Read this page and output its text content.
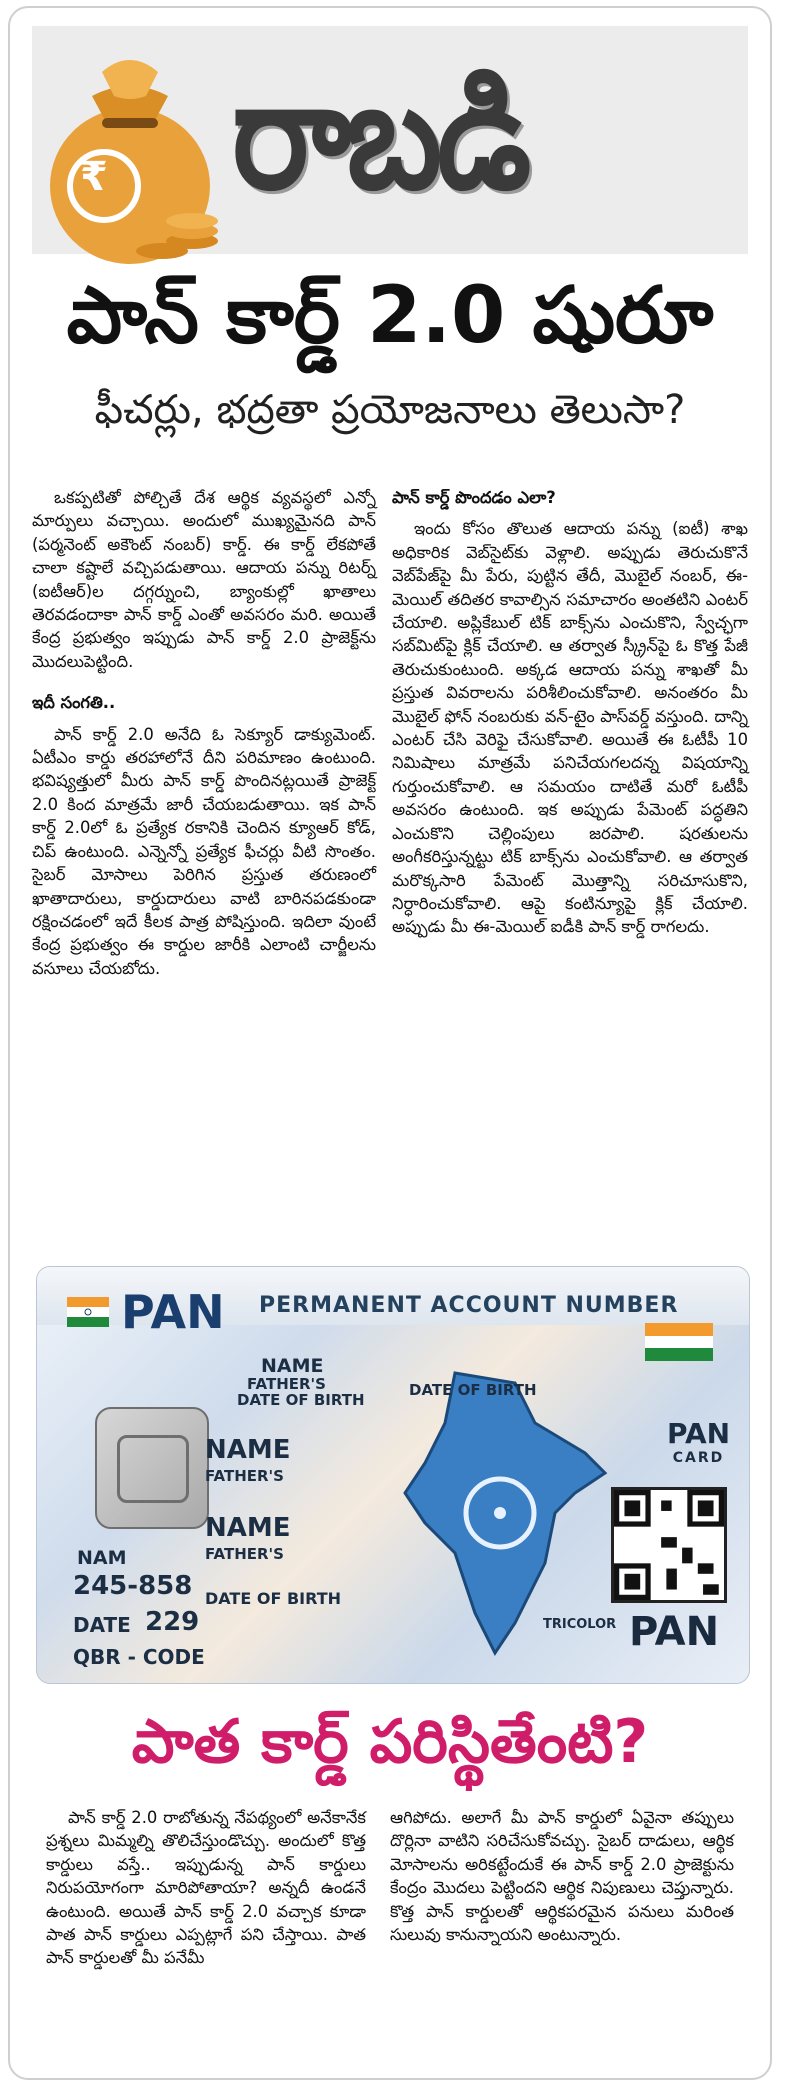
₹ రాబడి
పాన్ కార్డ్ 2.0 షురూ
ఫీచర్లు, భద్రతా ప్రయోజనాలు తెలుసా?

ఒకప్పటితో పోల్చితే దేశ ఆర్థిక వ్యవస్థలో ఎన్నో మార్పులు వచ్చాయి. అందులో ముఖ్యమైనది పాన్ (పర్మనెంట్ అకౌంట్ నంబర్) కార్డ్. ఈ కార్డ్ లేకపోతే చాలా కష్టాలే వచ్చిపడుతాయి. ఆదాయ పన్ను రిటర్న్ (ఐటీఆర్)ల దగ్గర్నుంచి, బ్యాంకుల్లో ఖాతాలు తెరవడందాకా పాన్ కార్డ్ ఎంతో అవసరం మరి. అయితే కేంద్ర ప్రభుత్వం ఇప్పుడు పాన్ కార్డ్ 2.0 ప్రాజెక్ట్‌ను మొదలుపెట్టింది.

ఇదీ సంగతి..

పాన్ కార్డ్ 2.0 అనేది ఓ సెక్యూర్ డాక్యుమెంట్. ఏటీఎం కార్డు తరహాలోనే దీని పరిమాణం ఉంటుంది. భవిష్యత్తులో మీరు పాన్ కార్డ్ పొందినట్లయితే ప్రాజెక్ట్ 2.0 కింద మాత్రమే జారీ చేయబడుతాయి. ఇక పాన్ కార్డ్ 2.0లో ఓ ప్రత్యేక రకానికి చెందిన క్యూఆర్ కోడ్, చిప్ ఉంటుంది. ఎన్నెన్నో ప్రత్యేక ఫీచర్లు వీటి సొంతం. సైబర్ మోసాలు పెరిగిన ప్రస్తుత తరుణంలో ఖాతాదారులు, కార్డుదారులు వాటి బారినపడకుండా రక్షించడంలో ఇదే కీలక పాత్ర పోషిస్తుంది. ఇదిలా వుంటే కేంద్ర ప్రభుత్వం ఈ కార్డుల జారీకి ఎలాంటి చార్జీలను వసూలు చేయబోదు.

పాన్ కార్డ్ పొందడం ఎలా?

ఇందు కోసం తొలుత ఆదాయ పన్ను (ఐటీ) శాఖ అధికారిక వెబ్‌సైట్‌కు వెళ్లాలి. అప్పుడు తెరుచుకొనే వెబ్‌పేజ్‌పై మీ పేరు, పుట్టిన తేదీ, మొబైల్ నంబర్, ఈ-మెయిల్ తదితర కావాల్సిన సమాచారం అంతటిని ఎంటర్ చేయాలి. అప్లికేబుల్ టిక్ బాక్స్‌ను ఎంచుకొని, స్వేచ్ఛగా సబ్‌మిట్‌పై క్లిక్ చేయాలి. ఆ తర్వాత స్క్రీన్‌పై ఓ కొత్త పేజీ తెరుచుకుంటుంది. అక్కడ ఆదాయ పన్ను శాఖతో మీ ప్రస్తుత వివరాలను పరిశీలించుకోవాలి. అనంతరం మీ మొబైల్ ఫోన్ నంబరుకు వన్-టైం పాస్‌వర్డ్ వస్తుంది. దాన్ని ఎంటర్ చేసి వెరిఫై చేసుకోవాలి. అయితే ఈ ఓటీపీ 10 నిమిషాలు మాత్రమే పనిచేయగలదన్న విషయాన్ని గుర్తుంచుకోవాలి. ఆ సమయం దాటితే మరో ఓటీపీ అవసరం ఉంటుంది. ఇక అప్పుడు పేమెంట్ పద్ధతిని ఎంచుకొని చెల్లింపులు జరపాలి. షరతులను అంగీకరిస్తున్నట్టు టిక్ బాక్స్‌ను ఎంచుకోవాలి. ఆ తర్వాత మరొక్కసారి పేమెంట్ మొత్తాన్ని సరిచూసుకొని, నిర్ధారించుకోవాలి. ఆపై కంటిన్యూపై క్లిక్ చేయాలి. అప్పుడు మీ ఈ-మెయిల్ ఐడీకి పాన్ కార్డ్ రాగలదు.

PAN PERMANENT ACCOUNT NUMBER
NAME
FATHER'S
DATE OF BIRTH
DATE OF BIRTH
NAME
FATHER'S
NAME
FATHER'S
DATE OF BIRTH
NAM
245-858
DATE 229
QBR - CODE
PAN
CARD
TRICOLOR PAN
పాత కార్డ్ పరిస్థితేంటి?

పాన్ కార్డ్ 2.0 రాబోతున్న నేపథ్యంలో అనేకానేక ప్రశ్నలు మిమ్మల్ని తొలిచేస్తుండొచ్చు. అందులో కొత్త కార్డులు వస్తే.. ఇప్పుడున్న పాన్ కార్డులు నిరుపయోగంగా మారిపోతాయా? అన్నదీ ఉండనే ఉంటుంది. అయితే పాన్ కార్డ్ 2.0 వచ్చాక కూడా పాత పాన్ కార్డులు ఎప్పట్లాగే పని చేస్తాయి. పాత పాన్ కార్డులతో మీ పనేమీ

ఆగిపోదు. అలాగే మీ పాన్ కార్డులో ఏవైనా తప్పులు దొర్లినా వాటిని సరిచేసుకోవచ్చు. సైబర్ దాడులు, ఆర్థిక మోసాలను అరికట్టేందుకే ఈ పాన్ కార్డ్ 2.0 ప్రాజెక్టును కేంద్రం మొదలు పెట్టిందని ఆర్థిక నిపుణులు చెప్తున్నారు. కొత్త పాన్ కార్డులతో ఆర్థికపరమైన పనులు మరింత సులువు కానున్నాయని అంటున్నారు.
